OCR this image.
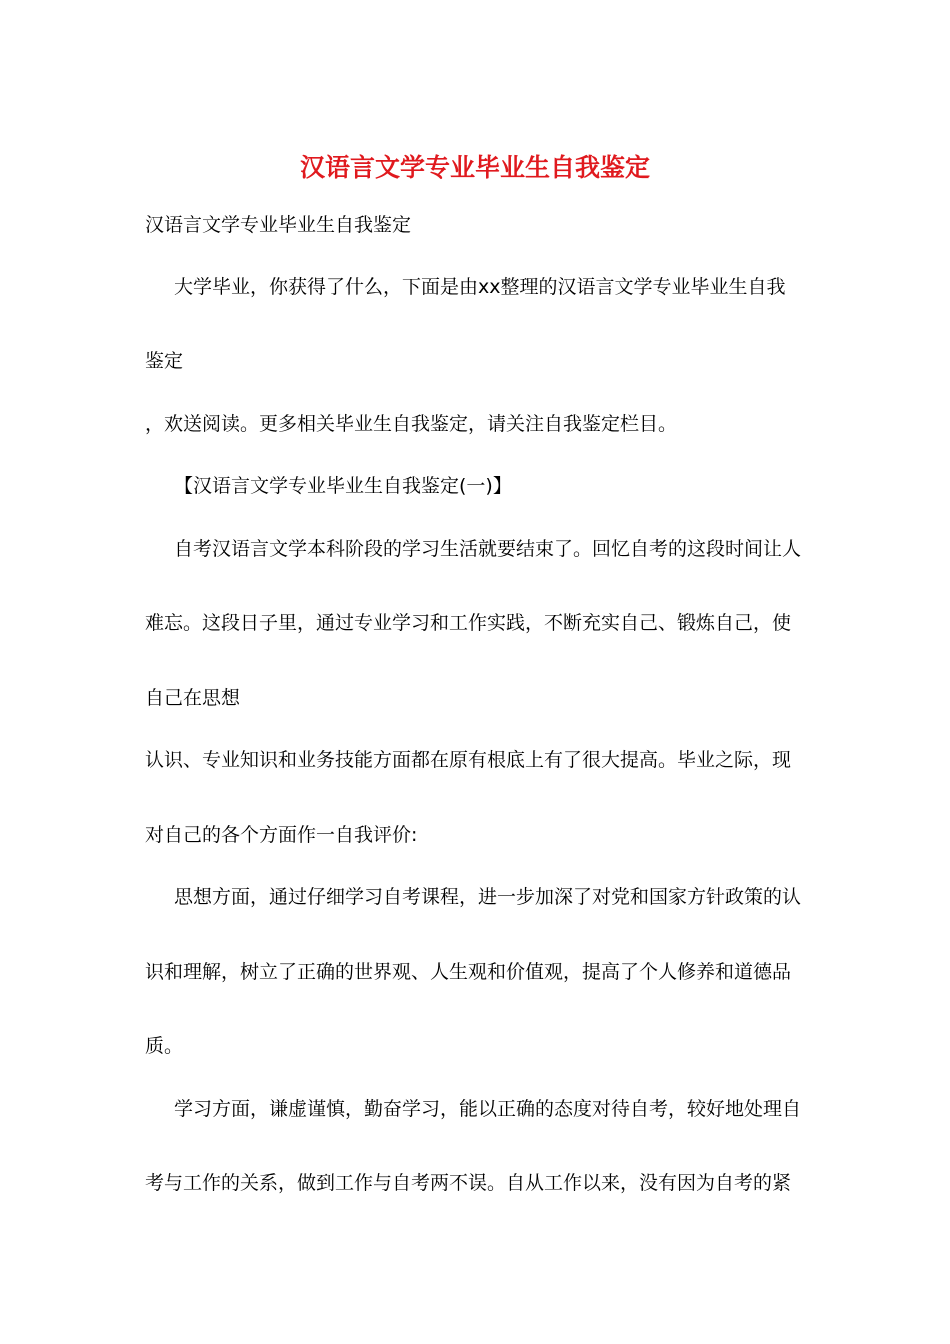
汉语言文学专业毕业生自我鉴定

汉语言文学专业毕业生自我鉴定

大学毕业，你获得了什么，下面是由xx整理的汉语言文学专业毕业生自我

鉴定

，欢送阅读。更多相关毕业生自我鉴定，请关注自我鉴定栏目。

【汉语言文学专业毕业生自我鉴定(一)】

自考汉语言文学本科阶段的学习生活就要结束了。回忆自考的这段时间让人

难忘。这段日子里，通过专业学习和工作实践，不断充实自己、锻炼自己，使

自己在思想

认识、专业知识和业务技能方面都在原有根底上有了很大提高。毕业之际，现

对自己的各个方面作一自我评价:

思想方面，通过仔细学习自考课程，进一步加深了对党和国家方针政策的认

识和理解，树立了正确的世界观、人生观和价值观，提高了个人修养和道德品

质。

学习方面，谦虚谨慎，勤奋学习，能以正确的态度对待自考，较好地处理自

考与工作的关系，做到工作与自考两不误。自从工作以来，没有因为自考的紧
